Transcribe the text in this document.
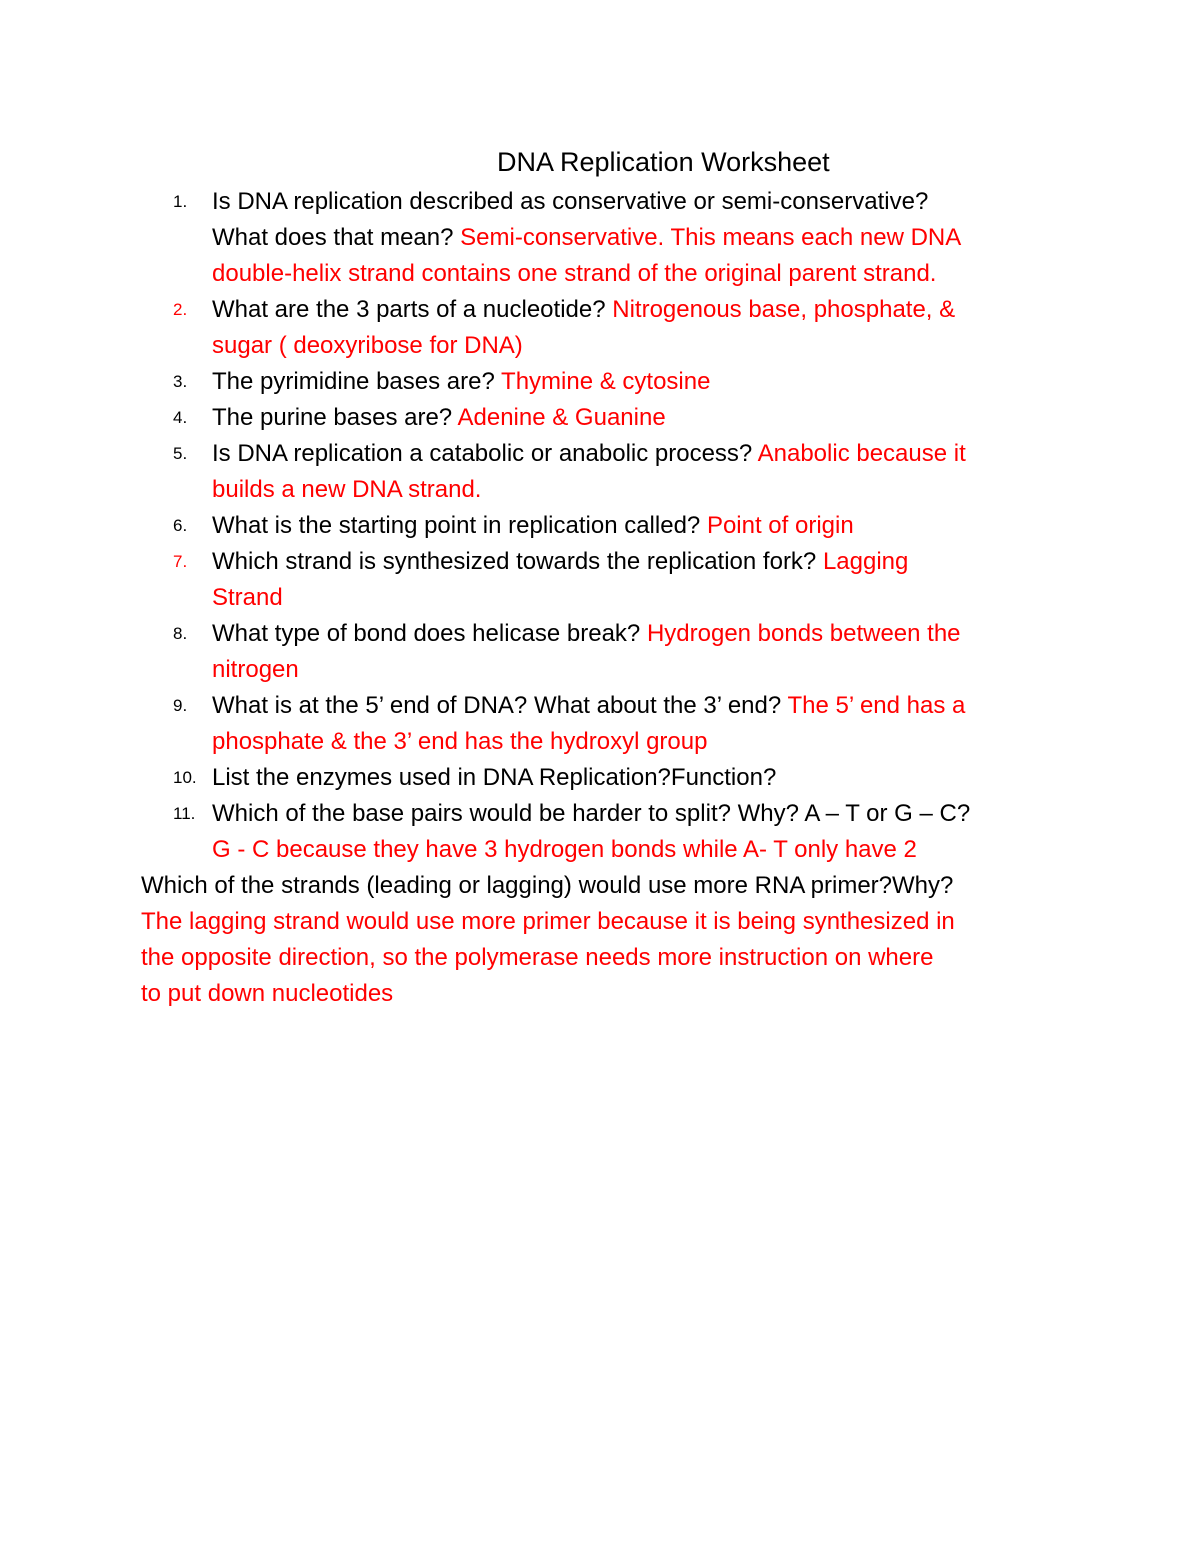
DNA Replication Worksheet
1. Is DNA replication described as conservative or semi-conservative?
What does that mean? Semi-conservative. This means each new DNA
double-helix strand contains one strand of the original parent strand.
2. What are the 3 parts of a nucleotide? Nitrogenous base, phosphate, &
sugar ( deoxyribose for DNA)
3. The pyrimidine bases are? Thymine & cytosine
4. The purine bases are? Adenine & Guanine
5. Is DNA replication a catabolic or anabolic process? Anabolic because it
builds a new DNA strand.
6. What is the starting point in replication called? Point of origin
7. Which strand is synthesized towards the replication fork? Lagging
Strand
8. What type of bond does helicase break? Hydrogen bonds between the
nitrogen
9. What is at the 5’ end of DNA? What about the 3’ end? The 5’ end has a
phosphate & the 3’ end has the hydroxyl group
10. List the enzymes used in DNA Replication?Function?
11. Which of the base pairs would be harder to split? Why? A – T or G – C?
G - C because they have 3 hydrogen bonds while A- T only have 2
Which of the strands (leading or lagging) would use more RNA primer?Why?
The lagging strand would use more primer because it is being synthesized in
the opposite direction, so the polymerase needs more instruction on where
to put down nucleotides
